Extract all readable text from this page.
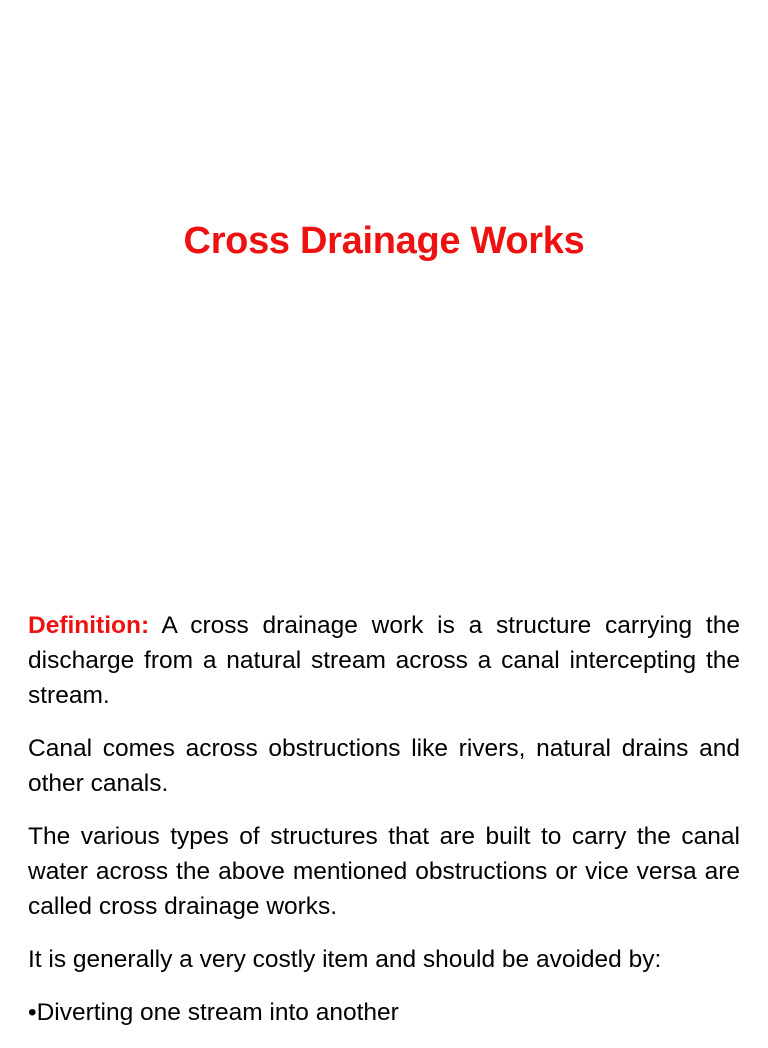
Cross Drainage Works

Definition: A cross drainage work is a structure carrying the discharge from a natural stream across a canal intercepting the stream.

Canal comes across obstructions like rivers, natural drains and other canals.

The various types of structures that are built to carry the canal water across the above mentioned obstructions or vice versa are called cross drainage works.

It is generally a very costly item and should be avoided by:

•Diverting one stream into another
